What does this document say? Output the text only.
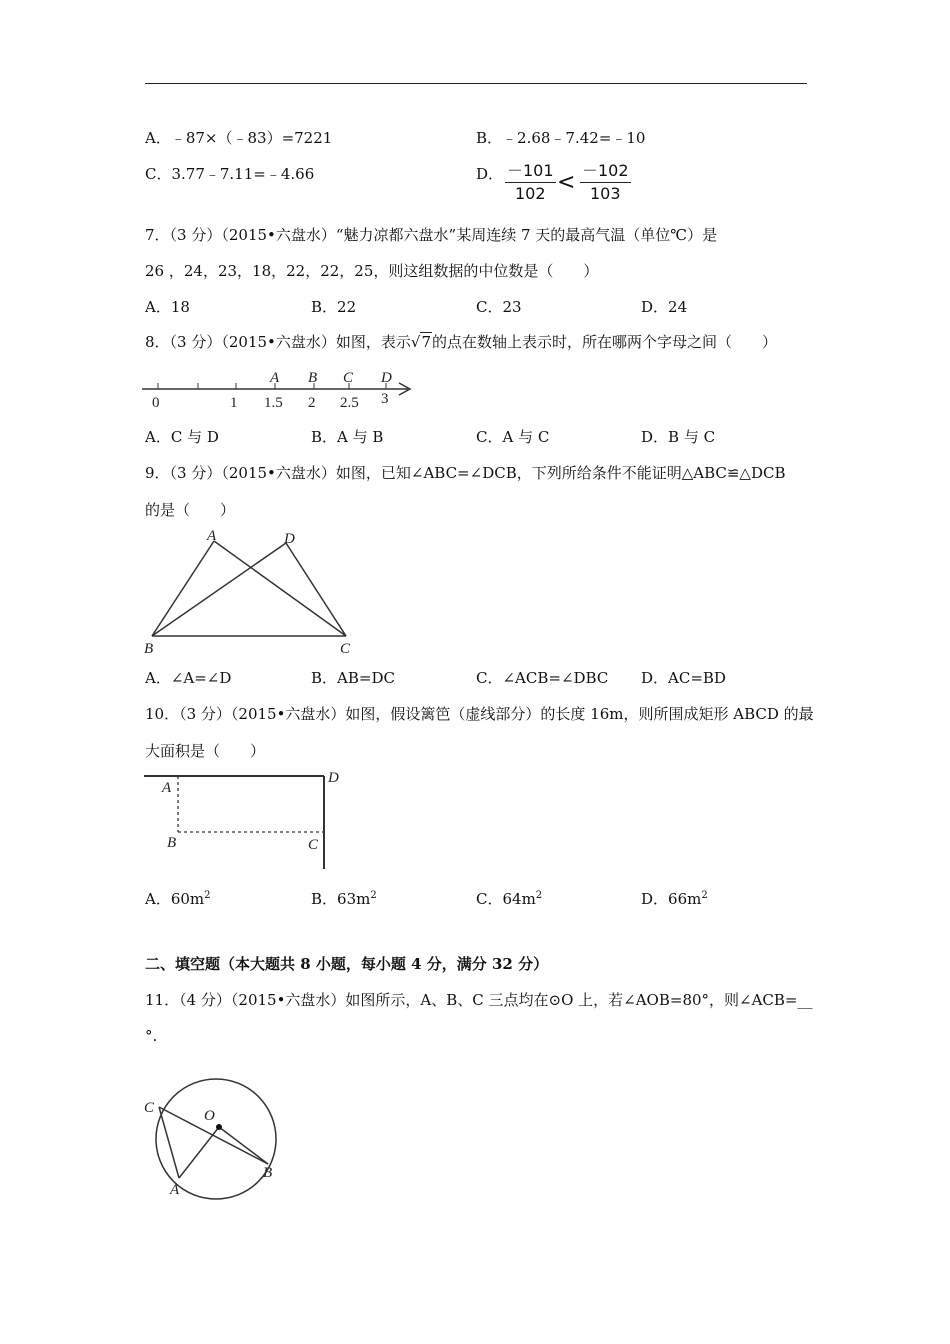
A．﹣87×（﹣83）=7221	B．﹣2.68﹣7.42=﹣10
C．3.77﹣7.11=﹣4.66	D． $\frac{-101}{102} < \frac{-102}{103}$
7．（3 分）（2015•六盘水）“魅力凉都六盘水”某周连续 7 天的最高气温（单位℃）是
26 ，24，23，18，22，22，25，则这组数据的中位数是（　　）
A．18	B．22	C．23	D．24
8．（3 分）（2015•六盘水）如图，表示√7的点在数轴上表示时，所在哪两个字母之间（　　）
A B C D
0	1 1.5 2 2.5 3
A．C 与 D	B．A 与 B	C．A 与 C	D．B 与 C
9．（3 分）（2015•六盘水）如图，已知∠ABC=∠DCB，下列所给条件不能证明△ABC≌△DCB
的是（　　）
A	D
B	C
A．∠A=∠D	B．AB=DC	C．∠ACB=∠DBC D．AC=BD
10．（3 分）（2015•六盘水）如图，假设篱笆（虚线部分）的长度 16m，则所围成矩形 ABCD 的最
大面积是（　　）
A
B	C
D
A．$60m^2$	B．$63m^2$	C．$64m^2$	D．$66m^2$
二、填空题（本大题共 8 小题，每小题 4 分，满分 32 分）
11．（4 分）（2015•六盘水）如图所示，A、B、C 三点均在⊙O 上，若∠AOB=80°，则∠ACB=__
°.
C	O
A
B
